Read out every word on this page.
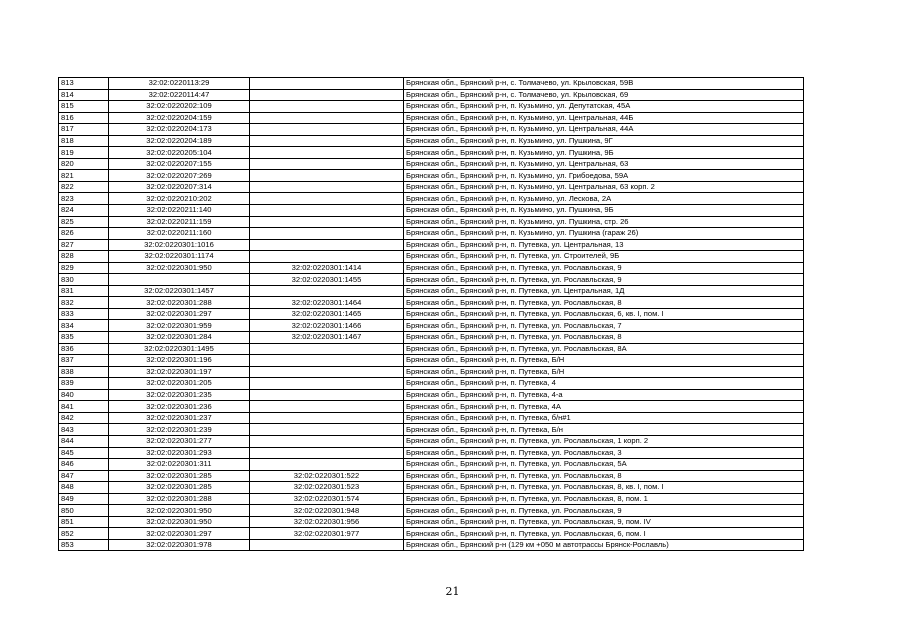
813	32:02:0220113:29		Брянская обл., Брянский р-н, с. Толмачево, ул. Крыловская, 59В
814	32:02:0220114:47		Брянская обл., Брянский р-н, с. Толмачево, ул. Крыловская, 69
815	32:02:0220202:109		Брянская обл., Брянский р-н, п. Кузьмино, ул. Депутатская, 45А
816	32:02:0220204:159		Брянская обл., Брянский р-н, п. Кузьмино, ул. Центральная, 44Б
817	32:02:0220204:173		Брянская обл., Брянский р-н, п. Кузьмино, ул. Центральная, 44А
818	32:02:0220204:189		Брянская обл., Брянский р-н, п. Кузьмино, ул. Пушкина, 9Г
819	32:02:0220205:104		Брянская обл., Брянский р-н, п. Кузьмино, ул. Пушкина, 9Б
820	32:02:0220207:155		Брянская обл., Брянский р-н, п. Кузьмино, ул. Центральная, 63
821	32:02:0220207:269		Брянская обл., Брянский р-н, п. Кузьмино, ул. Грибоедова, 59А
822	32:02:0220207:314		Брянская обл., Брянский р-н, п. Кузьмино, ул. Центральная, 63 корп. 2
823	32:02:0220210:202		Брянская обл., Брянский р-н, п. Кузьмино, ул. Лескова, 2А
824	32:02:0220211:140		Брянская обл., Брянский р-н, п. Кузьмино, ул. Пушкина, 9Б
825	32:02:0220211:159		Брянская обл., Брянский р-н, п. Кузьмино, ул. Пушкина, стр. 26
826	32:02:0220211:160		Брянская обл., Брянский р-н, п. Кузьмино, ул. Пушкина (гараж 26)
827	32:02:0220301:1016		Брянская обл., Брянский р-н, п. Путевка, ул. Центральная, 13
828	32:02:0220301:1174		Брянская обл., Брянский р-н, п. Путевка, ул. Строителей, 9Б
829	32:02:0220301:950	32:02:0220301:1414	Брянская обл., Брянский р-н, п. Путевка, ул. Рославльская, 9
830		32:02:0220301:1455	Брянская обл., Брянский р-н, п. Путевка, ул. Рославльская, 9
831	32:02:0220301:1457		Брянская обл., Брянский р-н, п. Путевка, ул. Центральная, 1Д
832	32:02:0220301:288	32:02:0220301:1464	Брянская обл., Брянский р-н, п. Путевка, ул. Рославльская, 8
833	32:02:0220301:297	32:02:0220301:1465	Брянская обл., Брянский р-н, п. Путевка, ул. Рославльская, 6, кв. I, пом. I
834	32:02:0220301:959	32:02:0220301:1466	Брянская обл., Брянский р-н, п. Путевка, ул. Рославльская, 7
835	32:02:0220301:284	32:02:0220301:1467	Брянская обл., Брянский р-н, п. Путевка, ул. Рославльская, 8
836	32:02:0220301:1495		Брянская обл., Брянский р-н, п. Путевка, ул. Рославльская, 8А
837	32:02:0220301:196		Брянская обл., Брянский р-н, п. Путевка, Б/Н
838	32:02:0220301:197		Брянская обл., Брянский р-н, п. Путевка, Б/Н
839	32:02:0220301:205		Брянская обл., Брянский р-н, п. Путевка, 4
840	32:02:0220301:235		Брянская обл., Брянский р-н, п. Путевка, 4-а
841	32:02:0220301:236		Брянская обл., Брянский р-н, п. Путевка, 4А
842	32:02:0220301:237		Брянская обл., Брянский р-н, п. Путевка, б/н#1
843	32:02:0220301:239		Брянская обл., Брянский р-н, п. Путевка, Б/н
844	32:02:0220301:277		Брянская обл., Брянский р-н, п. Путевка, ул. Рославльская, 1 корп. 2
845	32:02:0220301:293		Брянская обл., Брянский р-н, п. Путевка, ул. Рославльская, 3
846	32:02:0220301:311		Брянская обл., Брянский р-н, п. Путевка, ул. Рославльская, 5А
847	32:02:0220301:285	32:02:0220301:522	Брянская обл., Брянский р-н, п. Путевка, ул. Рославльская, 8
848	32:02:0220301:285	32:02:0220301:523	Брянская обл., Брянский р-н, п. Путевка, ул. Рославльская, 8, кв. I, пом. I
849	32:02:0220301:288	32:02:0220301:574	Брянская обл., Брянский р-н, п. Путевка, ул. Рославльская, 8, пом. 1
850	32:02:0220301:950	32:02:0220301:948	Брянская обл., Брянский р-н, п. Путевка, ул. Рославльская, 9
851	32:02:0220301:950	32:02:0220301:956	Брянская обл., Брянский р-н, п. Путевка, ул. Рославльская, 9, пом. IV
852	32:02:0220301:297	32:02:0220301:977	Брянская обл., Брянский р-н, п. Путевка, ул. Рославльская, 6, пом. I
853	32:02:0220301:978		Брянская обл., Брянский р-н (129 км +050 м автотрассы Брянск-Рославль)
21
